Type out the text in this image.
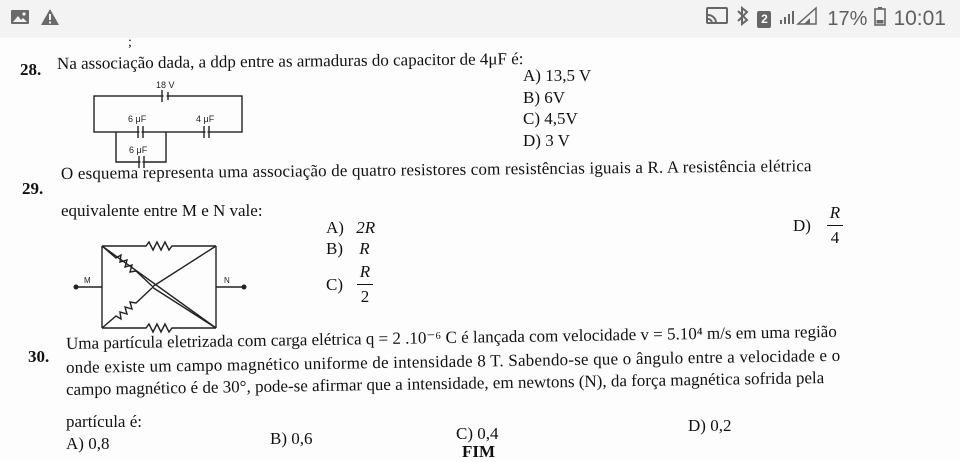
2	17% 10:01
;
28. Na associação dada, a ddp entre as armaduras do capacitor de 4μF é:
18 V
6 μF	4 μF
6 μF
A) 13,5 V
B) 6V
C) 4,5V
D) 3 V
29.
O esquema representa uma associação de quatro resistores com resistências iguais a R. A resistência elétrica
equivalente entre M e N vale:
M	N
A) 2R
B) R
$C) \frac{R}{2}$
$D) \frac{R}{4}$
30.
Uma partícula eletrizada com carga elétrica q = 2 .10⁻⁶ C é lançada com velocidade v = 5.10⁴ m/s em uma região
onde existe um campo magnético uniforme de intensidade 8 T. Sabendo-se que o ângulo entre a velocidade e o
campo magnético é de 30°, pode-se afirmar que a intensidade, em newtons (N), da força magnética sofrida pela
partícula é:
A) 0,8	B) 0,6	C) 0,4	D) 0,2
FIM
